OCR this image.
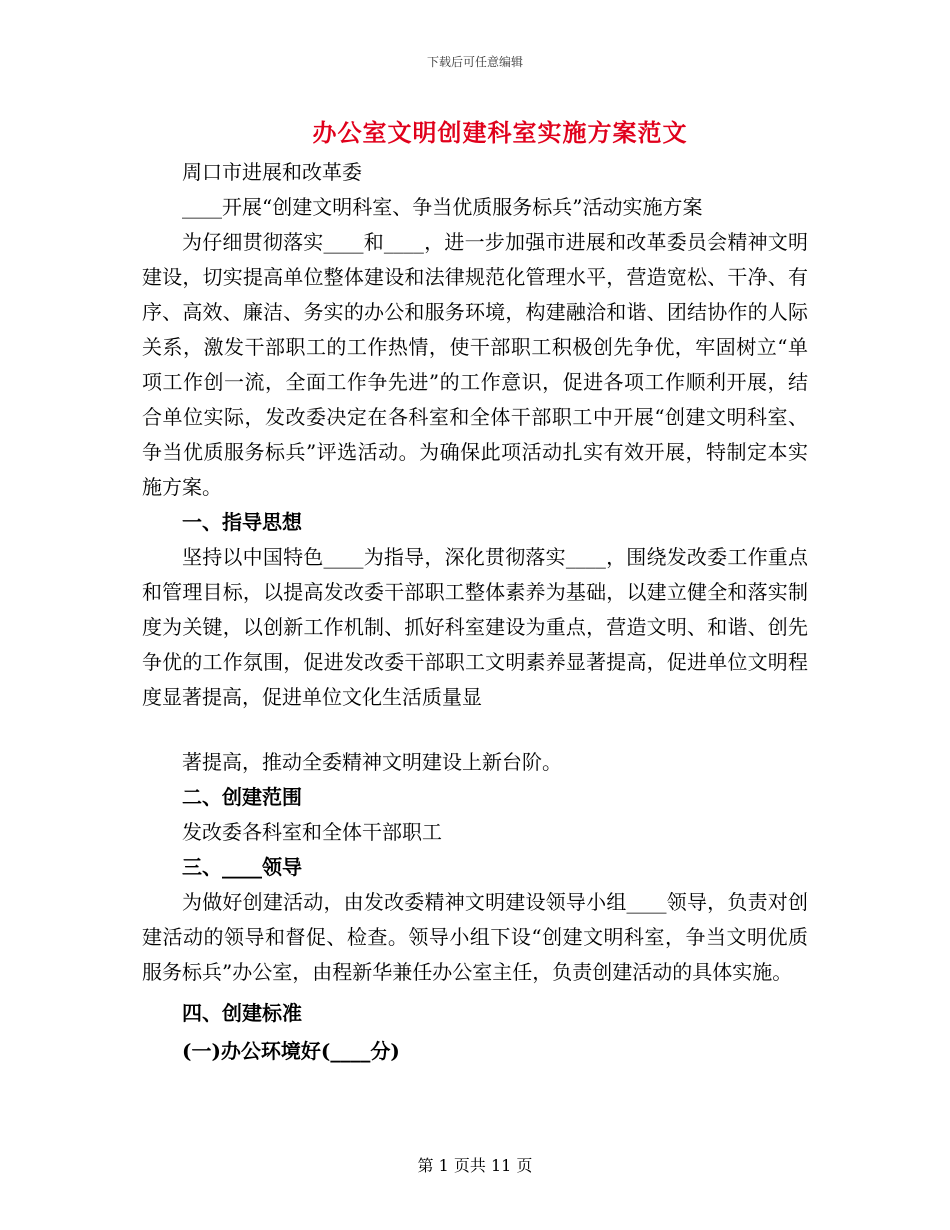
下载后可任意编辑
办公室文明创建科室实施方案范文

周口市进展和改革委

____开展“创建文明科室、争当优质服务标兵”活动实施方案

为仔细贯彻落实____和____，进一步加强市进展和改革委员会精神文明建设，切实提高单位整体建设和法律规范化管理水平，营造宽松、干净、有序、高效、廉洁、务实的办公和服务环境，构建融洽和谐、团结协作的人际关系，激发干部职工的工作热情，使干部职工积极创先争优，牢固树立“单项工作创一流，全面工作争先进”的工作意识，促进各项工作顺利开展，结合单位实际，发改委决定在各科室和全体干部职工中开展“创建文明科室、争当优质服务标兵”评选活动。为确保此项活动扎实有效开展，特制定本实施方案。

一、指导思想

坚持以中国特色____为指导，深化贯彻落实____，围绕发改委工作重点和管理目标，以提高发改委干部职工整体素养为基础，以建立健全和落实制度为关键，以创新工作机制、抓好科室建设为重点，营造文明、和谐、创先争优的工作氛围，促进发改委干部职工文明素养显著提高，促进单位文明程度显著提高，促进单位文化生活质量显

著提高，推动全委精神文明建设上新台阶。

二、创建范围

发改委各科室和全体干部职工

三、____领导

为做好创建活动，由发改委精神文明建设领导小组____领导，负责对创建活动的领导和督促、检查。领导小组下设“创建文明科室，争当文明优质服务标兵”办公室，由程新华兼任办公室主任，负责创建活动的具体实施。

四、创建标准

(一)办公环境好(____分)

第 1 页共 11 页
